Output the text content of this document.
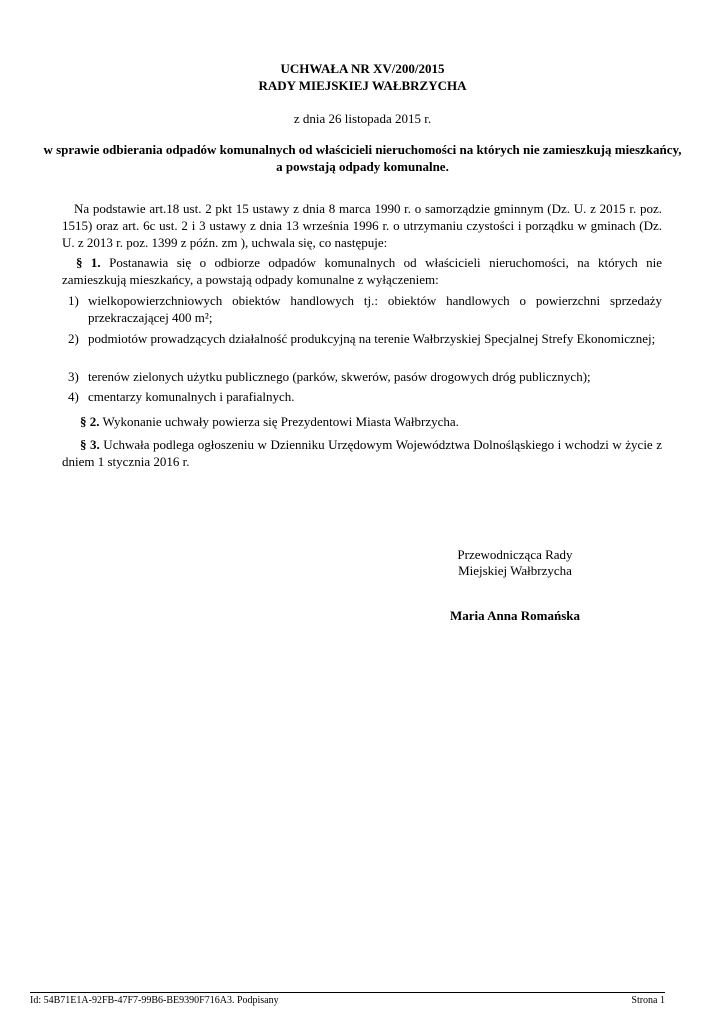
UCHWAŁA NR XV/200/2015
RADY MIEJSKIEJ WAŁBRZYCHA
z dnia 26 listopada 2015 r.
w sprawie odbierania odpadów komunalnych od właścicieli nieruchomości na których nie zamieszkują mieszkańcy, a powstają odpady komunalne.
Na podstawie art.18 ust. 2 pkt 15 ustawy z dnia 8 marca 1990 r. o samorządzie gminnym (Dz. U. z 2015 r. poz. 1515) oraz art. 6c ust. 2 i 3 ustawy z dnia 13 września 1996 r. o utrzymaniu czystości i porządku w gminach (Dz. U. z 2013 r. poz. 1399 z późn. zm ), uchwala się, co następuje:
§ 1. Postanawia się o odbiorze odpadów komunalnych od właścicieli nieruchomości, na których nie zamieszkują mieszkańcy, a powstają odpady komunalne z wyłączeniem:
1) wielkopowierzchniowych obiektów handlowych tj.: obiektów handlowych o powierzchni sprzedaży przekraczającej 400 m²;
2) podmiotów prowadzących działalność produkcyjną na terenie Wałbrzyskiej Specjalnej Strefy Ekonomicznej;
3) terenów zielonych użytku publicznego (parków, skwerów, pasów drogowych dróg publicznych);
4) cmentarzy komunalnych i parafialnych.
§ 2. Wykonanie uchwały powierza się Prezydentowi Miasta Wałbrzycha.
§ 3. Uchwała podlega ogłoszeniu w Dzienniku Urzędowym Województwa Dolnośląskiego i wchodzi w życie z dniem 1 stycznia 2016 r.
Przewodnicząca Rady
Miejskiej Wałbrzycha
Maria Anna Romańska
Id: 54B71E1A-92FB-47F7-99B6-BE9390F716A3. Podpisany	Strona 1
